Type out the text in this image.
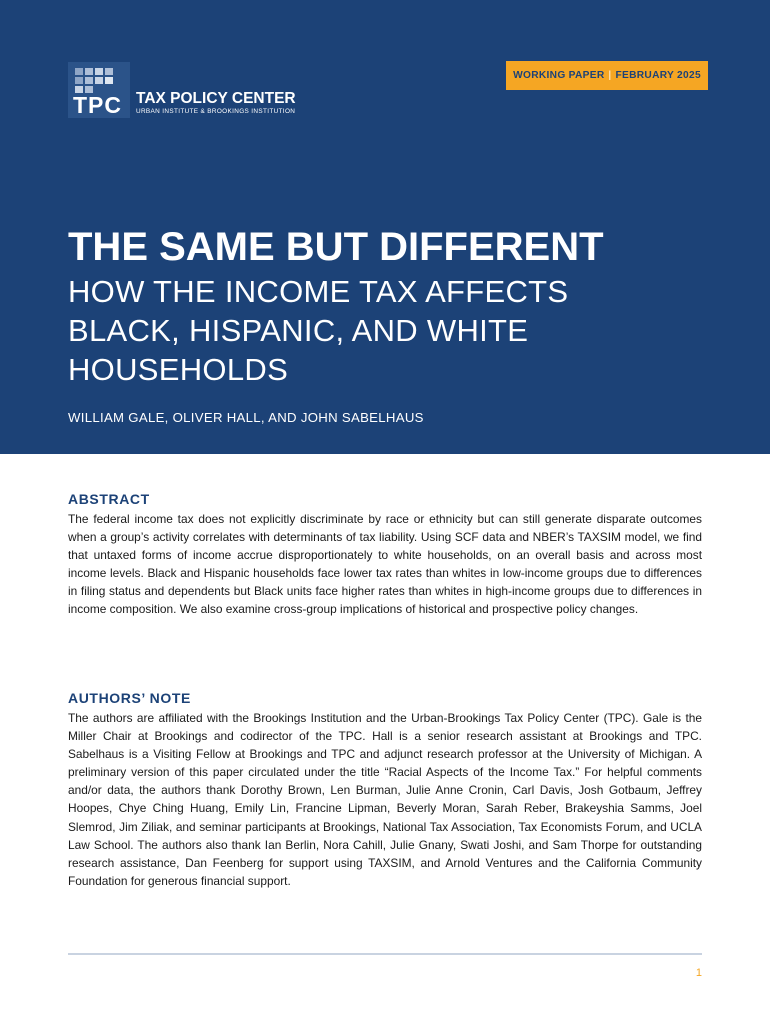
TPC TAX POLICY CENTER
URBAN INSTITUTE & BROOKINGS INSTITUTION
WORKING PAPER | FEBRUARY 2025
THE SAME BUT DIFFERENT
HOW THE INCOME TAX AFFECTS BLACK, HISPANIC, AND WHITE HOUSEHOLDS

WILLIAM GALE, OLIVER HALL, AND JOHN SABELHAUS

ABSTRACT

The federal income tax does not explicitly discriminate by race or ethnicity but can still generate disparate outcomes when a group’s activity correlates with determinants of tax liability. Using SCF data and NBER’s TAXSIM model, we find that untaxed forms of income accrue disproportionately to white households, on an overall basis and across most income levels. Black and Hispanic households face lower tax rates than whites in low-income groups due to differences in filing status and dependents but Black units face higher rates than whites in high-income groups due to differences in income composition. We also examine cross-group implications of historical and prospective policy changes.

AUTHORS’ NOTE

The authors are affiliated with the Brookings Institution and the Urban-Brookings Tax Policy Center (TPC). Gale is the Miller Chair at Brookings and codirector of the TPC. Hall is a senior research assistant at Brookings and TPC. Sabelhaus is a Visiting Fellow at Brookings and TPC and adjunct research professor at the University of Michigan. A preliminary version of this paper circulated under the title “Racial Aspects of the Income Tax.” For helpful comments and/or data, the authors thank Dorothy Brown, Len Burman, Julie Anne Cronin, Carl Davis, Josh Gotbaum, Jeffrey Hoopes, Chye Ching Huang, Emily Lin, Francine Lipman, Beverly Moran, Sarah Reber, Brakeyshia Samms, Joel Slemrod, Jim Ziliak, and seminar participants at Brookings, National Tax Association, Tax Economists Forum, and UCLA Law School. The authors also thank Ian Berlin, Nora Cahill, Julie Gnany, Swati Joshi, and Sam Thorpe for outstanding research assistance, Dan Feenberg for support using TAXSIM, and Arnold Ventures and the California Community Foundation for generous financial support.

1
